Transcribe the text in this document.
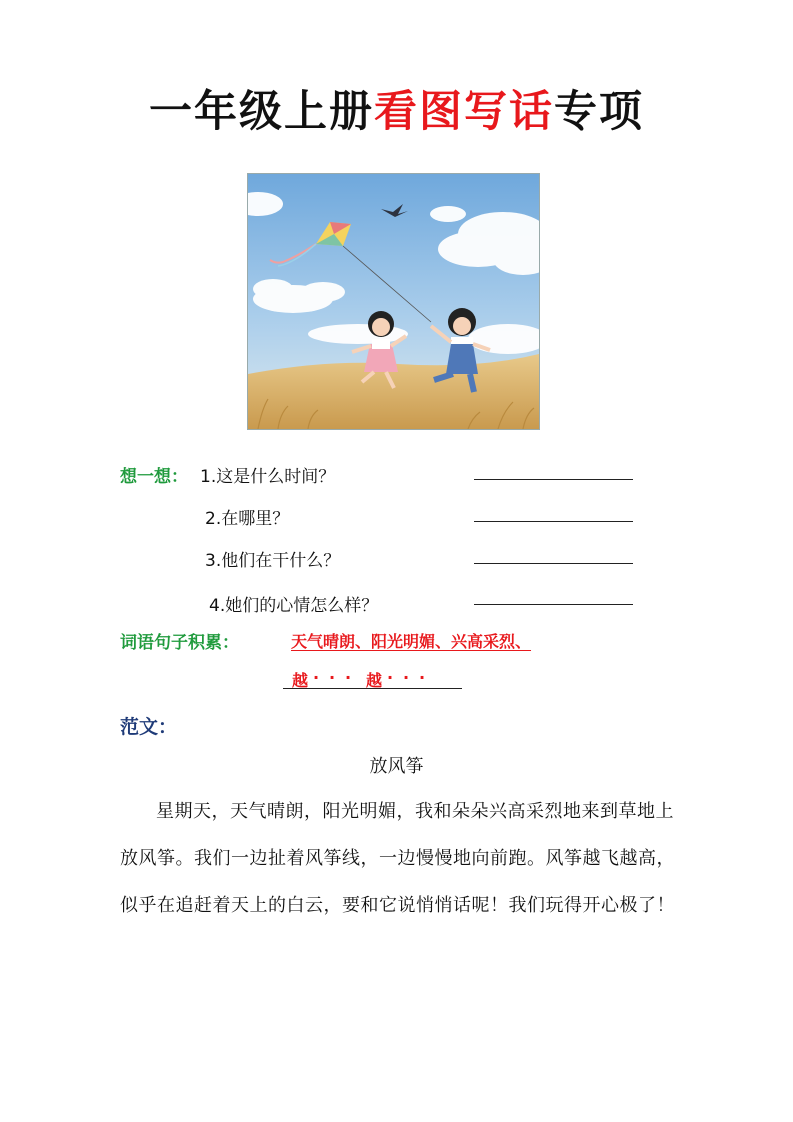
一年级上册看图写话专项
想一想： 1.这是什么时间？
2.在哪里？
3.他们在干什么？
4.她们的心情怎么样？
词语句子积累：	天气晴朗、阳光明媚、兴高采烈、
越 · · · 越 · · ·
范文：
放风筝

星期天，天气晴朗，阳光明媚，我和朵朵兴高采烈地来到草地上放风筝。我们一边扯着风筝线，一边慢慢地向前跑。风筝越飞越高，似乎在追赶着天上的白云，要和它说悄悄话呢！我们玩得开心极了！
